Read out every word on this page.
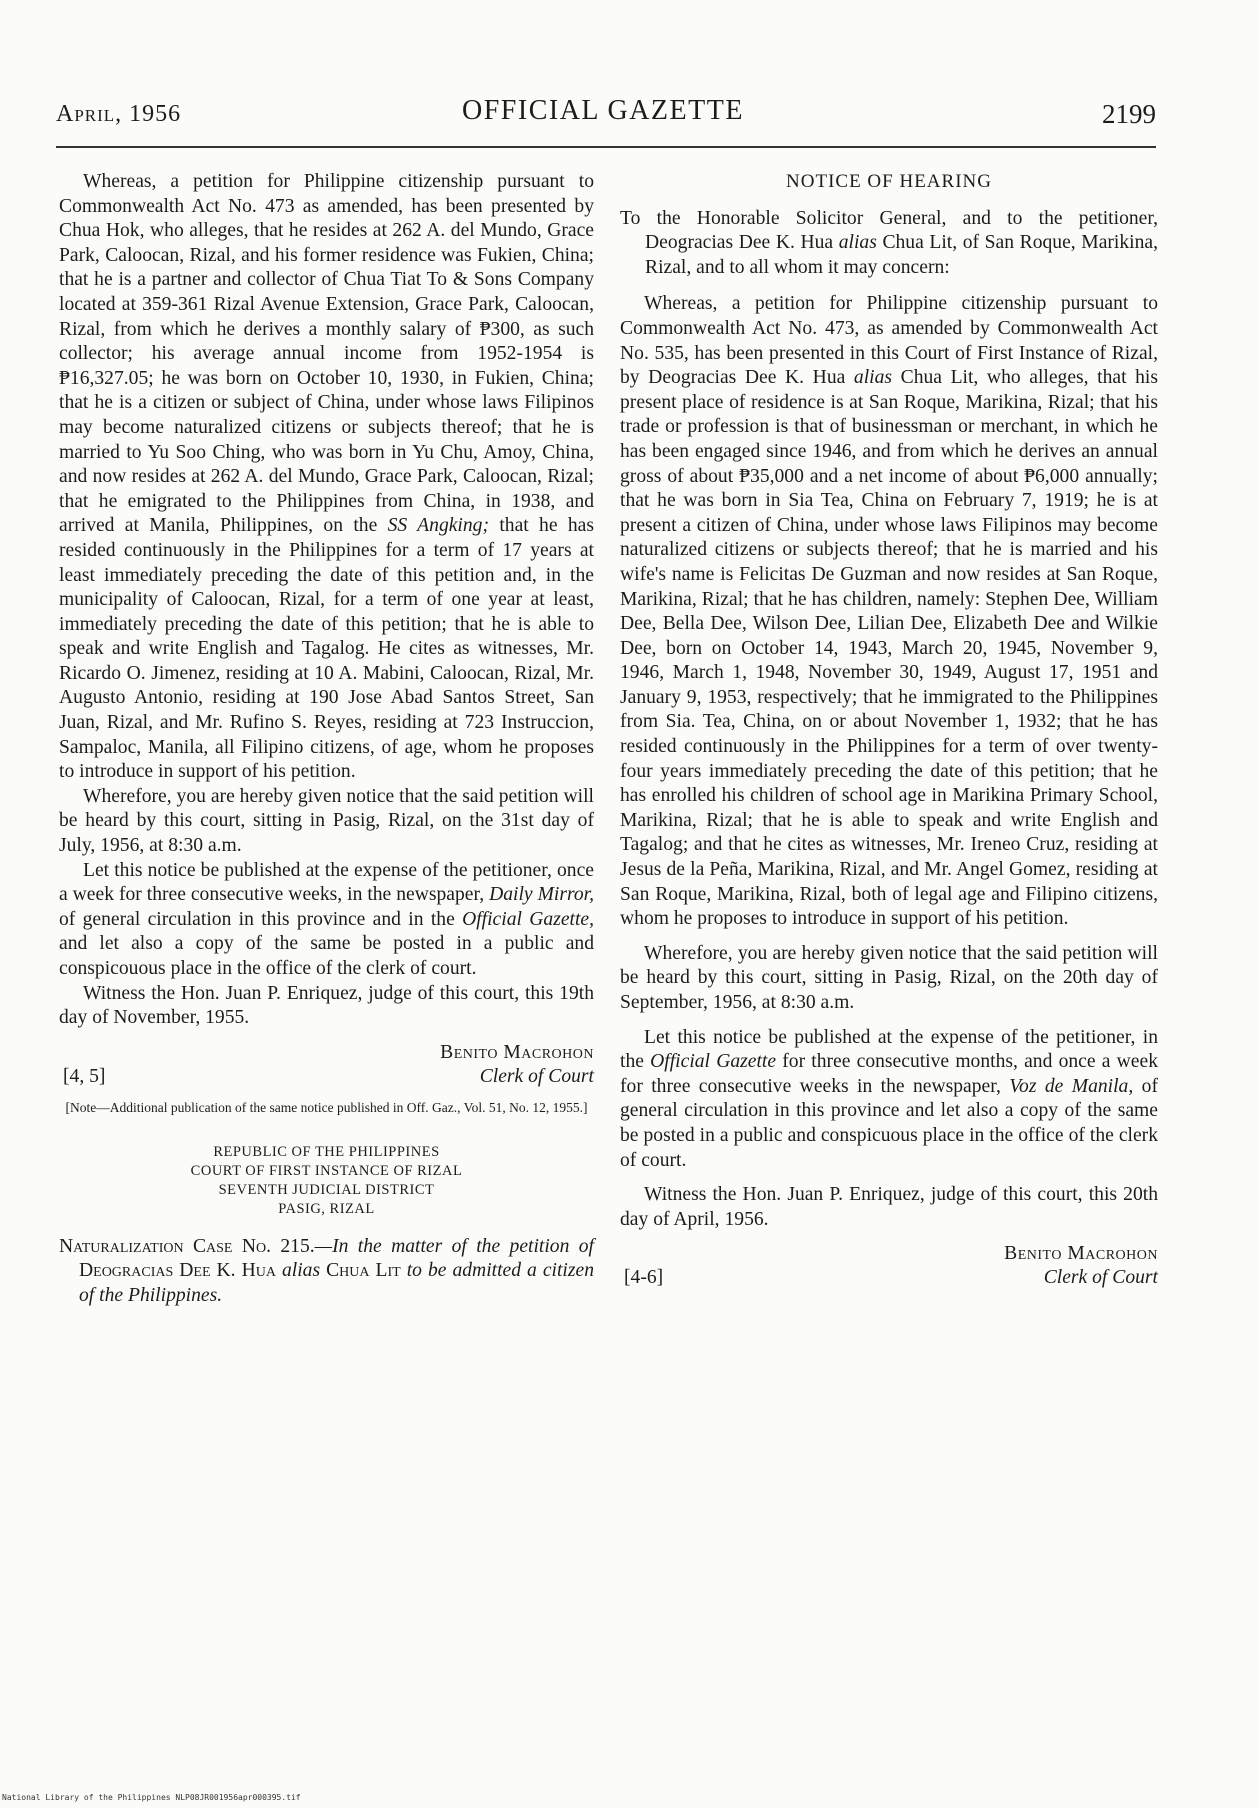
April, 1956	OFFICIAL GAZETTE	2199

Whereas, a petition for Philippine citizenship pursuant to Commonwealth Act No. 473 as amended, has been presented by Chua Hok, who alleges, that he resides at 262 A. del Mundo, Grace Park, Caloocan, Rizal, and his former residence was Fukien, China; that he is a partner and collector of Chua Tiat To & Sons Company located at 359-361 Rizal Avenue Extension, Grace Park, Caloocan, Rizal, from which he derives a monthly salary of ₱300, as such collector; his average annual income from 1952-1954 is ₱16,327.05; he was born on October 10, 1930, in Fukien, China; that he is a citizen or subject of China, under whose laws Filipinos may become naturalized citizens or subjects thereof; that he is married to Yu Soo Ching, who was born in Yu Chu, Amoy, China, and now resides at 262 A. del Mundo, Grace Park, Caloocan, Rizal; that he emigrated to the Philippines from China, in 1938, and arrived at Manila, Philippines, on the SS Angking; that he has resided continuously in the Philippines for a term of 17 years at least immediately preceding the date of this petition and, in the municipality of Caloocan, Rizal, for a term of one year at least, immediately preceding the date of this petition; that he is able to speak and write English and Tagalog. He cites as witnesses, Mr. Ricardo O. Jimenez, residing at 10 A. Mabini, Caloocan, Rizal, Mr. Augusto Antonio, residing at 190 Jose Abad Santos Street, San Juan, Rizal, and Mr. Rufino S. Reyes, residing at 723 Instruccion, Sampaloc, Manila, all Filipino citizens, of age, whom he proposes to introduce in support of his petition.

Wherefore, you are hereby given notice that the said petition will be heard by this court, sitting in Pasig, Rizal, on the 31st day of July, 1956, at 8:30 a.m.

Let this notice be published at the expense of the petitioner, once a week for three consecutive weeks, in the newspaper, Daily Mirror, of general circulation in this province and in the Official Gazette, and let also a copy of the same be posted in a public and conspicouous place in the office of the clerk of court.

Witness the Hon. Juan P. Enriquez, judge of this court, this 19th day of November, 1955.

Benito Macrohon
Clerk of Court
[4, 5]

[Note—Additional publication of the same notice published in Off. Gaz., Vol. 51, No. 12, 1955.]

REPUBLIC OF THE PHILIPPINES
COURT OF FIRST INSTANCE OF RIZAL
SEVENTH JUDICIAL DISTRICT
PASIG, RIZAL

Naturalization Case No. 215.—In the matter of the petition of Deogracias Dee K. Hua alias Chua Lit to be admitted a citizen of the Philippines.

NOTICE OF HEARING

To the Honorable Solicitor General, and to the petitioner, Deogracias Dee K. Hua alias Chua Lit, of San Roque, Marikina, Rizal, and to all whom it may concern:

Whereas, a petition for Philippine citizenship pursuant to Commonwealth Act No. 473, as amended by Commonwealth Act No. 535, has been presented in this Court of First Instance of Rizal, by Deogracias Dee K. Hua alias Chua Lit, who alleges, that his present place of residence is at San Roque, Marikina, Rizal; that his trade or profession is that of businessman or merchant, in which he has been engaged since 1946, and from which he derives an annual gross of about ₱35,000 and a net income of about ₱6,000 annually; that he was born in Sia Tea, China on February 7, 1919; he is at present a citizen of China, under whose laws Filipinos may become naturalized citizens or subjects thereof; that he is married and his wife's name is Felicitas De Guzman and now resides at San Roque, Marikina, Rizal; that he has children, namely: Stephen Dee, William Dee, Bella Dee, Wilson Dee, Lilian Dee, Elizabeth Dee and Wilkie Dee, born on October 14, 1943, March 20, 1945, November 9, 1946, March 1, 1948, November 30, 1949, August 17, 1951 and January 9, 1953, respectively; that he immigrated to the Philippines from Sia. Tea, China, on or about November 1, 1932; that he has resided continuously in the Philippines for a term of over twenty-four years immediately preceding the date of this petition; that he has enrolled his children of school age in Marikina Primary School, Marikina, Rizal; that he is able to speak and write English and Tagalog; and that he cites as witnesses, Mr. Ireneo Cruz, residing at Jesus de la Peña, Marikina, Rizal, and Mr. Angel Gomez, residing at San Roque, Marikina, Rizal, both of legal age and Filipino citizens, whom he proposes to introduce in support of his petition.

Wherefore, you are hereby given notice that the said petition will be heard by this court, sitting in Pasig, Rizal, on the 20th day of September, 1956, at 8:30 a.m.

Let this notice be published at the expense of the petitioner, in the Official Gazette for three consecutive months, and once a week for three consecutive weeks in the newspaper, Voz de Manila, of general circulation in this province and let also a copy of the same be posted in a public and conspicuous place in the office of the clerk of court.

Witness the Hon. Juan P. Enriquez, judge of this court, this 20th day of April, 1956.

Benito Macrohon
Clerk of Court
[4-6]
National Library of the Philippines NLP08JR001956apr000395.tif
